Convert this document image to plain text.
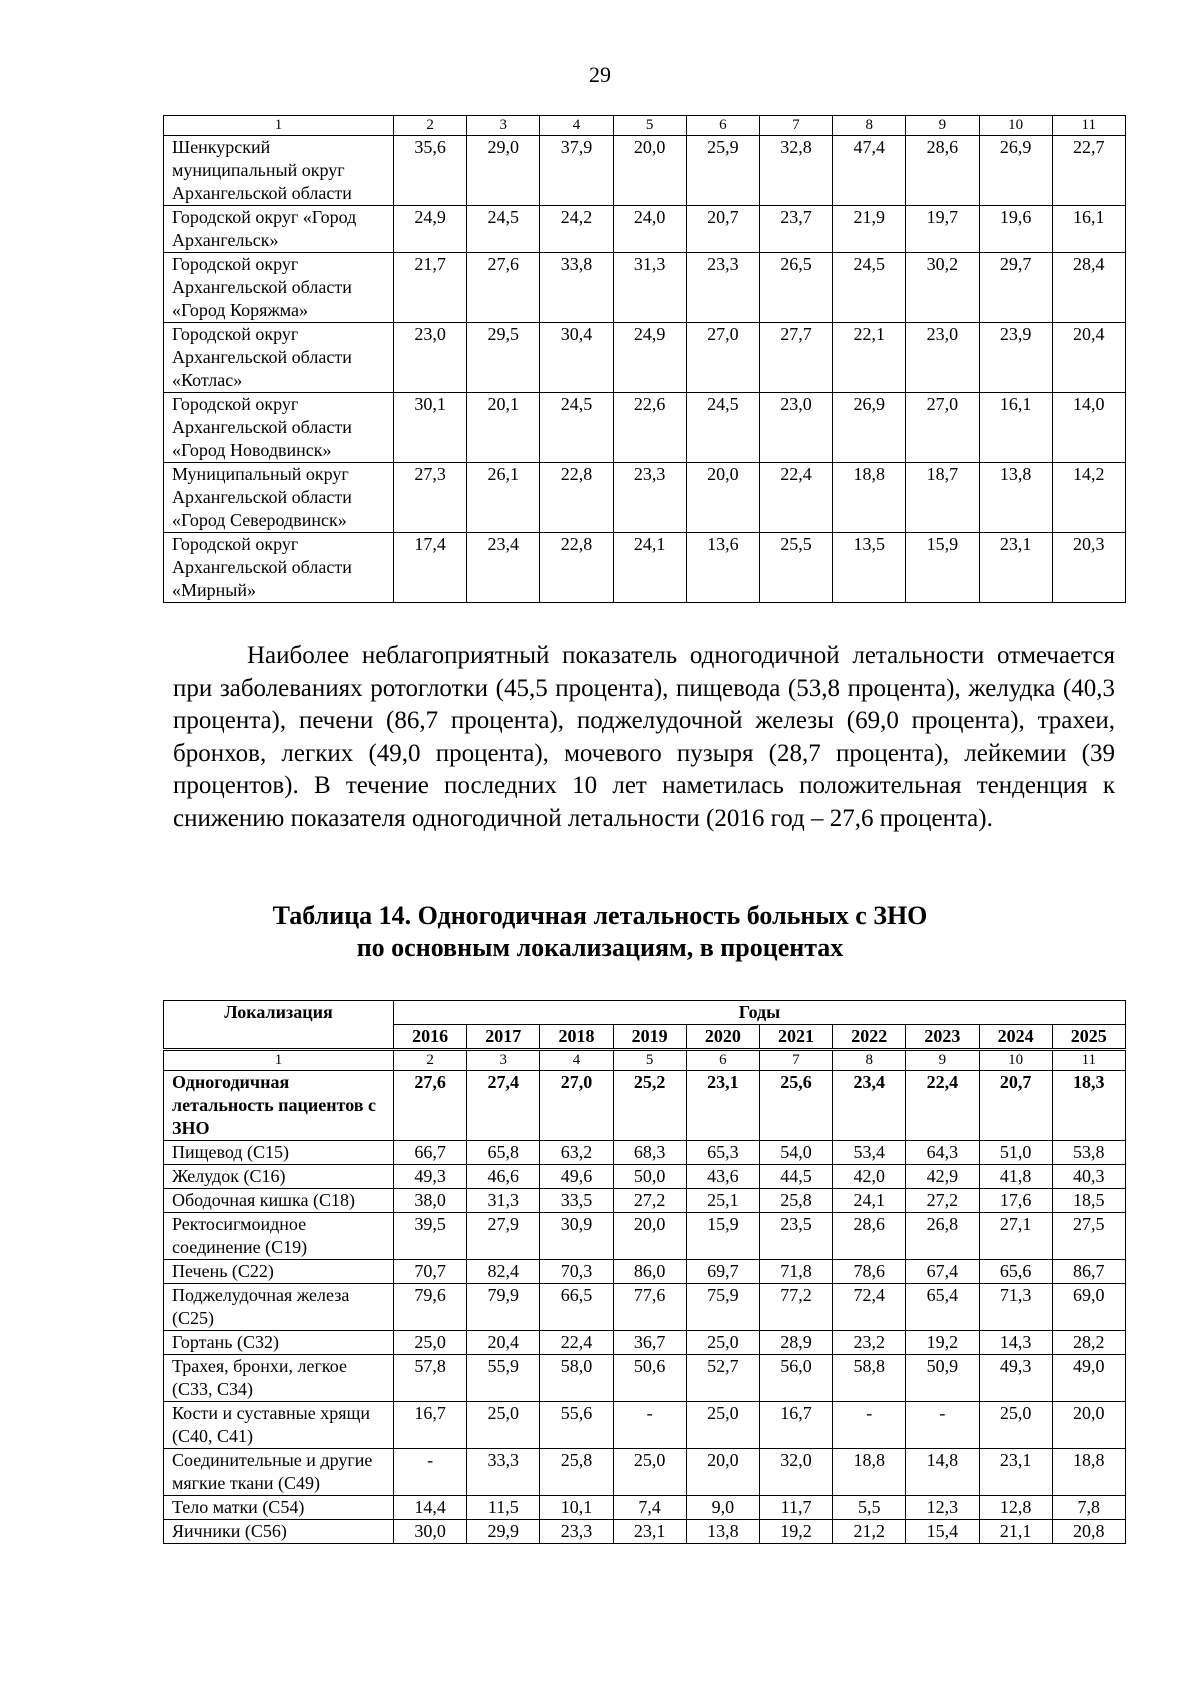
29
1	2	3	4	5	6	7	8	9	10	11
Шенкурский муниципальный округ Архангельской области	35,6	29,0	37,9	20,0	25,9	32,8	47,4	28,6	26,9	22,7
Городской округ «Город Архангельск»	24,9	24,5	24,2	24,0	20,7	23,7	21,9	19,7	19,6	16,1
Городской округ Архангельской области «Город Коряжма»	21,7	27,6	33,8	31,3	23,3	26,5	24,5	30,2	29,7	28,4
Городской округ Архангельской области «Котлас»	23,0	29,5	30,4	24,9	27,0	27,7	22,1	23,0	23,9	20,4
Городской округ Архангельской области «Город Новодвинск»	30,1	20,1	24,5	22,6	24,5	23,0	26,9	27,0	16,1	14,0
Муниципальный округ Архангельской области «Город Северодвинск»	27,3	26,1	22,8	23,3	20,0	22,4	18,8	18,7	13,8	14,2
Городской округ Архангельской области «Мирный»	17,4	23,4	22,8	24,1	13,6	25,5	13,5	15,9	23,1	20,3

Наиболее неблагоприятный показатель одногодичной летальности отмечается при заболеваниях ротоглотки (45,5 процента), пищевода (53,8 процента), желудка (40,3 процента), печени (86,7 процента), поджелудочной железы (69,0 процента), трахеи, бронхов, легких (49,0 процента), мочевого пузыря (28,7 процента), лейкемии (39 процентов). В течение последних 10 лет наметилась положительная тенденция к снижению показателя одногодичной летальности (2016 год – 27,6 процента).

Таблица 14. Одногодичная летальность больных с ЗНО
по основным локализациям, в процентах

Локализация	Годы									
	2016	2017	2018	2019	2020	2021	2022	2023	2024	2025
1	2	3	4	5	6	7	8	9	10	11
Одногодичная летальность пациентов с ЗНО	27,6	27,4	27,0	25,2	23,1	25,6	23,4	22,4	20,7	18,3
Пищевод (С15)	66,7	65,8	63,2	68,3	65,3	54,0	53,4	64,3	51,0	53,8
Желудок (С16)	49,3	46,6	49,6	50,0	43,6	44,5	42,0	42,9	41,8	40,3
Ободочная кишка (С18)	38,0	31,3	33,5	27,2	25,1	25,8	24,1	27,2	17,6	18,5
Ректосигмоидное соединение (С19)	39,5	27,9	30,9	20,0	15,9	23,5	28,6	26,8	27,1	27,5
Печень (С22)	70,7	82,4	70,3	86,0	69,7	71,8	78,6	67,4	65,6	86,7
Поджелудочная железа (С25)	79,6	79,9	66,5	77,6	75,9	77,2	72,4	65,4	71,3	69,0
Гортань (С32)	25,0	20,4	22,4	36,7	25,0	28,9	23,2	19,2	14,3	28,2
Трахея, бронхи, легкое (С33, С34)	57,8	55,9	58,0	50,6	52,7	56,0	58,8	50,9	49,3	49,0
Кости и суставные хрящи (С40, С41)	16,7	25,0	55,6	-	25,0	16,7	-	-	25,0	20,0
Соединительные и другие мягкие ткани (С49)	-	33,3	25,8	25,0	20,0	32,0	18,8	14,8	23,1	18,8
Тело матки (С54)	14,4	11,5	10,1	7,4	9,0	11,7	5,5	12,3	12,8	7,8
Яичники (С56)	30,0	29,9	23,3	23,1	13,8	19,2	21,2	15,4	21,1	20,8
